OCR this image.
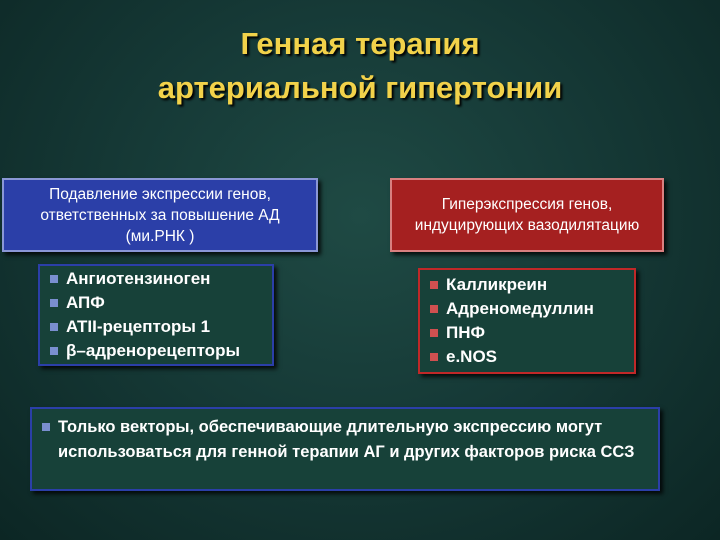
Генная терапия
артериальной гипертонии
Подавление экспрессии генов,
ответственных за повышение АД
(ми.РНК )
Гиперэкспрессия генов,
индуцирующих вазодилятацию
Ангиотензиноген
АПФ
ATII-рецепторы 1
β–адренорецепторы
Калликреин
Адреномедуллин
ПНФ
e.NOS
Только векторы, обеспечивающие длительную экспрессию могут использоваться для генной терапии АГ и других факторов риска ССЗ
